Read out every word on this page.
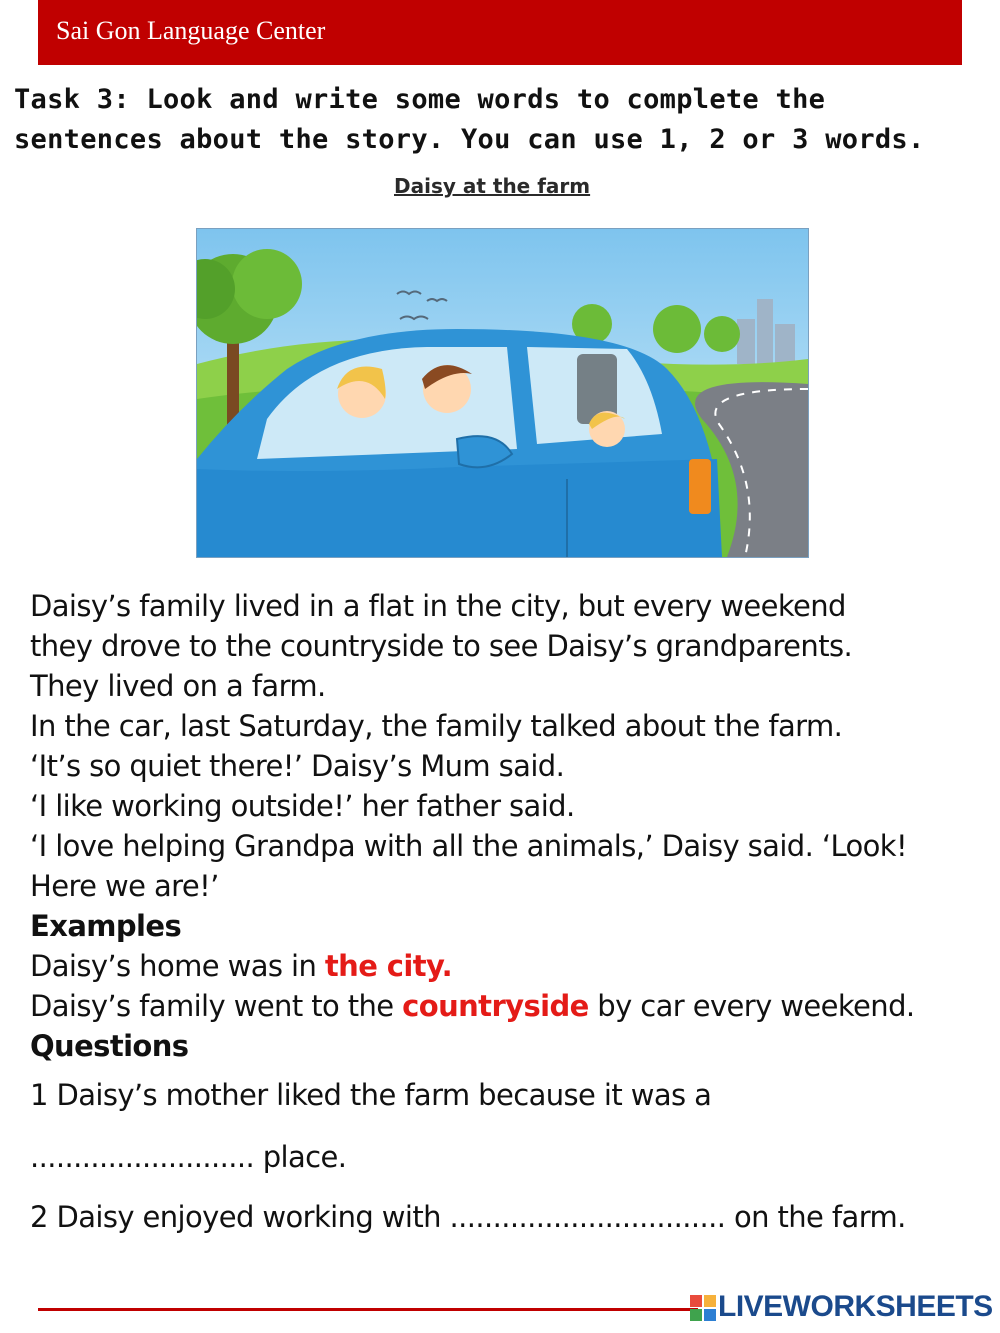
Sai Gon Language Center
Task 3: Look and write some words to complete the
sentences about the story. You can use 1, 2 or 3 words.
Daisy at the farm

Daisy’s family lived in a flat in the city, but every weekend

they drove to the countryside to see Daisy’s grandparents.

They lived on a farm.

In the car, last Saturday, the family talked about the farm.

‘It’s so quiet there!’ Daisy’s Mum said.

‘I like working outside!’ her father said.

‘I love helping Grandpa with all the animals,’ Daisy said. ‘Look!

Here we are!’

Examples

Daisy’s home was in the city.

Daisy’s family went to the countryside by car every weekend.

Questions

1 Daisy’s mother liked the farm because it was a
.......................... place.
2 Daisy enjoyed working with ................................ on the farm.
LIVEWORKSHEETS
